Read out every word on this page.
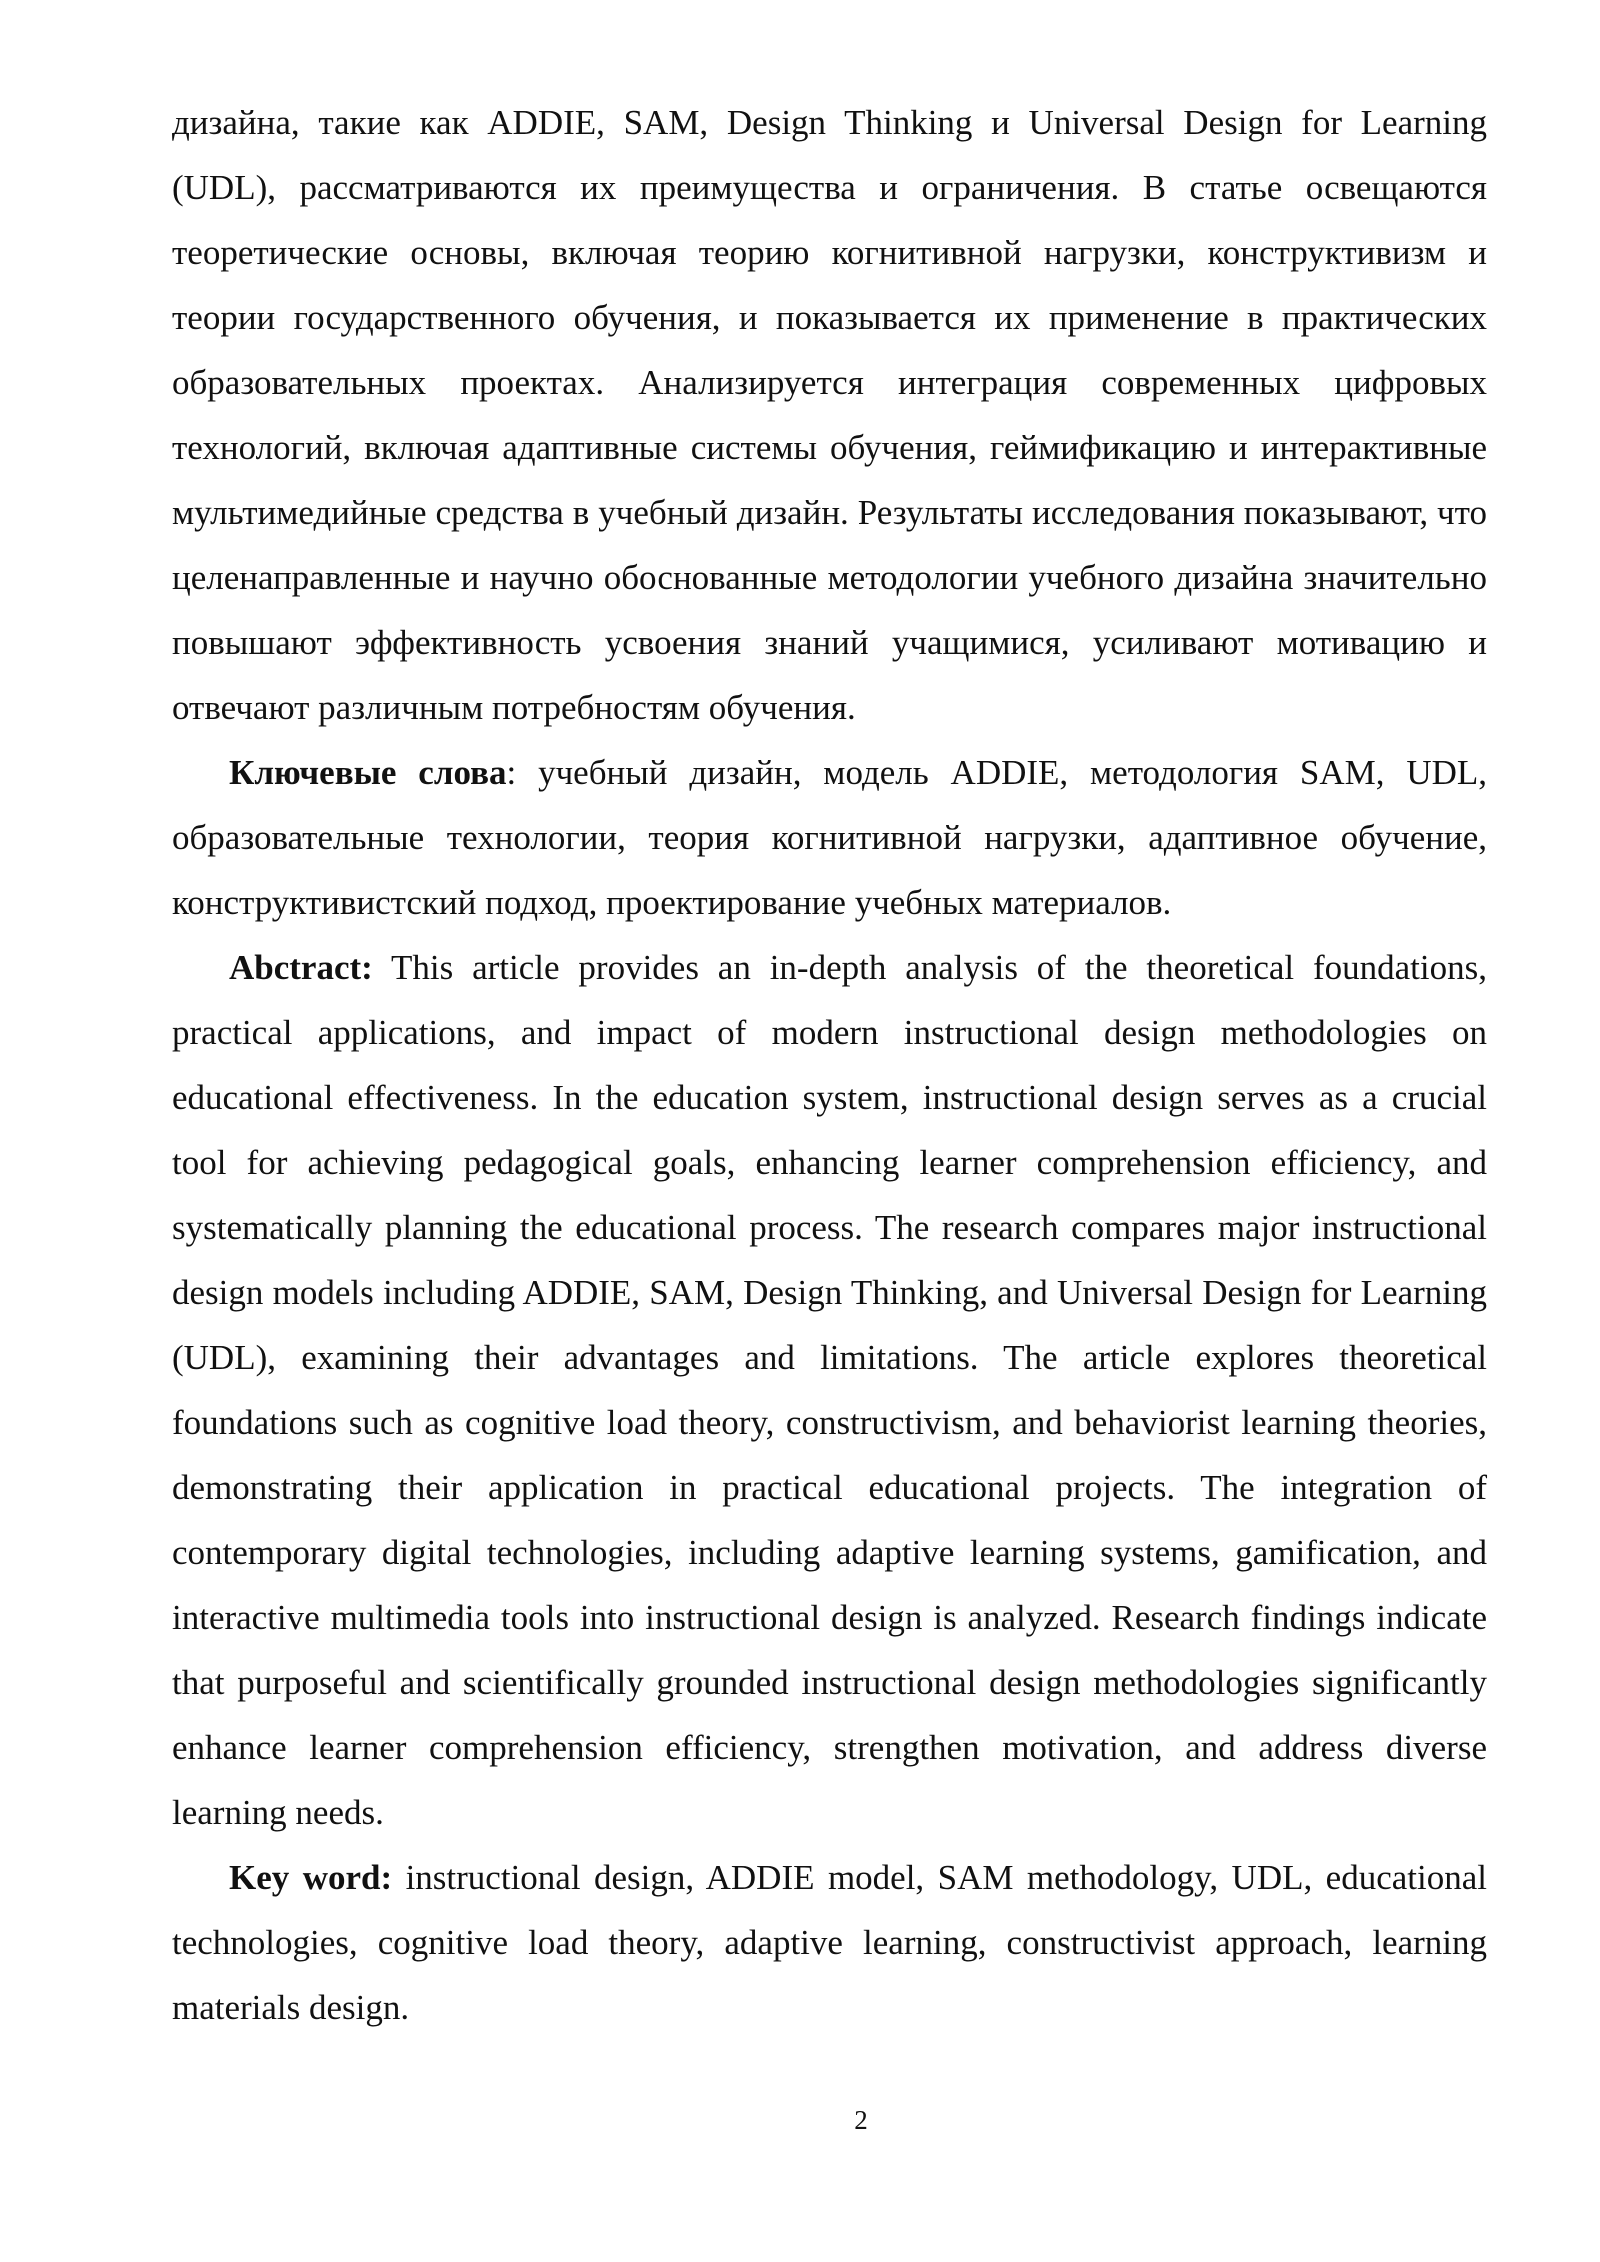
дизайна, такие как ADDIE, SAM, Design Thinking и Universal Design for Learning (UDL), рассматриваются их преимущества и ограничения. В статье освещаются теоретические основы, включая теорию когнитивной нагрузки, конструктивизм и теории государственного обучения, и показывается их применение в практических образовательных проектах. Анализируется интеграция современных цифровых технологий, включая адаптивные системы обучения, геймификацию и интерактивные мультимедийные средства в учебный дизайн. Результаты исследования показывают, что целенаправленные и научно обоснованные методологии учебного дизайна значительно повышают эффективность усвоения знаний учащимися, усиливают мотивацию и отвечают различным потребностям обучения.

Ключевые слова: учебный дизайн, модель ADDIE, методология SAM, UDL, образовательные технологии, теория когнитивной нагрузки, адаптивное обучение, конструктивистский подход, проектирование учебных материалов.

Abctract: This article provides an in-depth analysis of the theoretical foundations, practical applications, and impact of modern instructional design methodologies on educational effectiveness. In the education system, instructional design serves as a crucial tool for achieving pedagogical goals, enhancing learner comprehension efficiency, and systematically planning the educational process. The research compares major instructional design models including ADDIE, SAM, Design Thinking, and Universal Design for Learning (UDL), examining their advantages and limitations. The article explores theoretical foundations such as cognitive load theory, constructivism, and behaviorist learning theories, demonstrating their application in practical educational projects. The integration of contemporary digital technologies, including adaptive learning systems, gamification, and interactive multimedia tools into instructional design is analyzed. Research findings indicate that purposeful and scientifically grounded instructional design methodologies significantly enhance learner comprehension efficiency, strengthen motivation, and address diverse learning needs.

Key word: instructional design, ADDIE model, SAM methodology, UDL, educational technologies, cognitive load theory, adaptive learning, constructivist approach, learning materials design.

2
